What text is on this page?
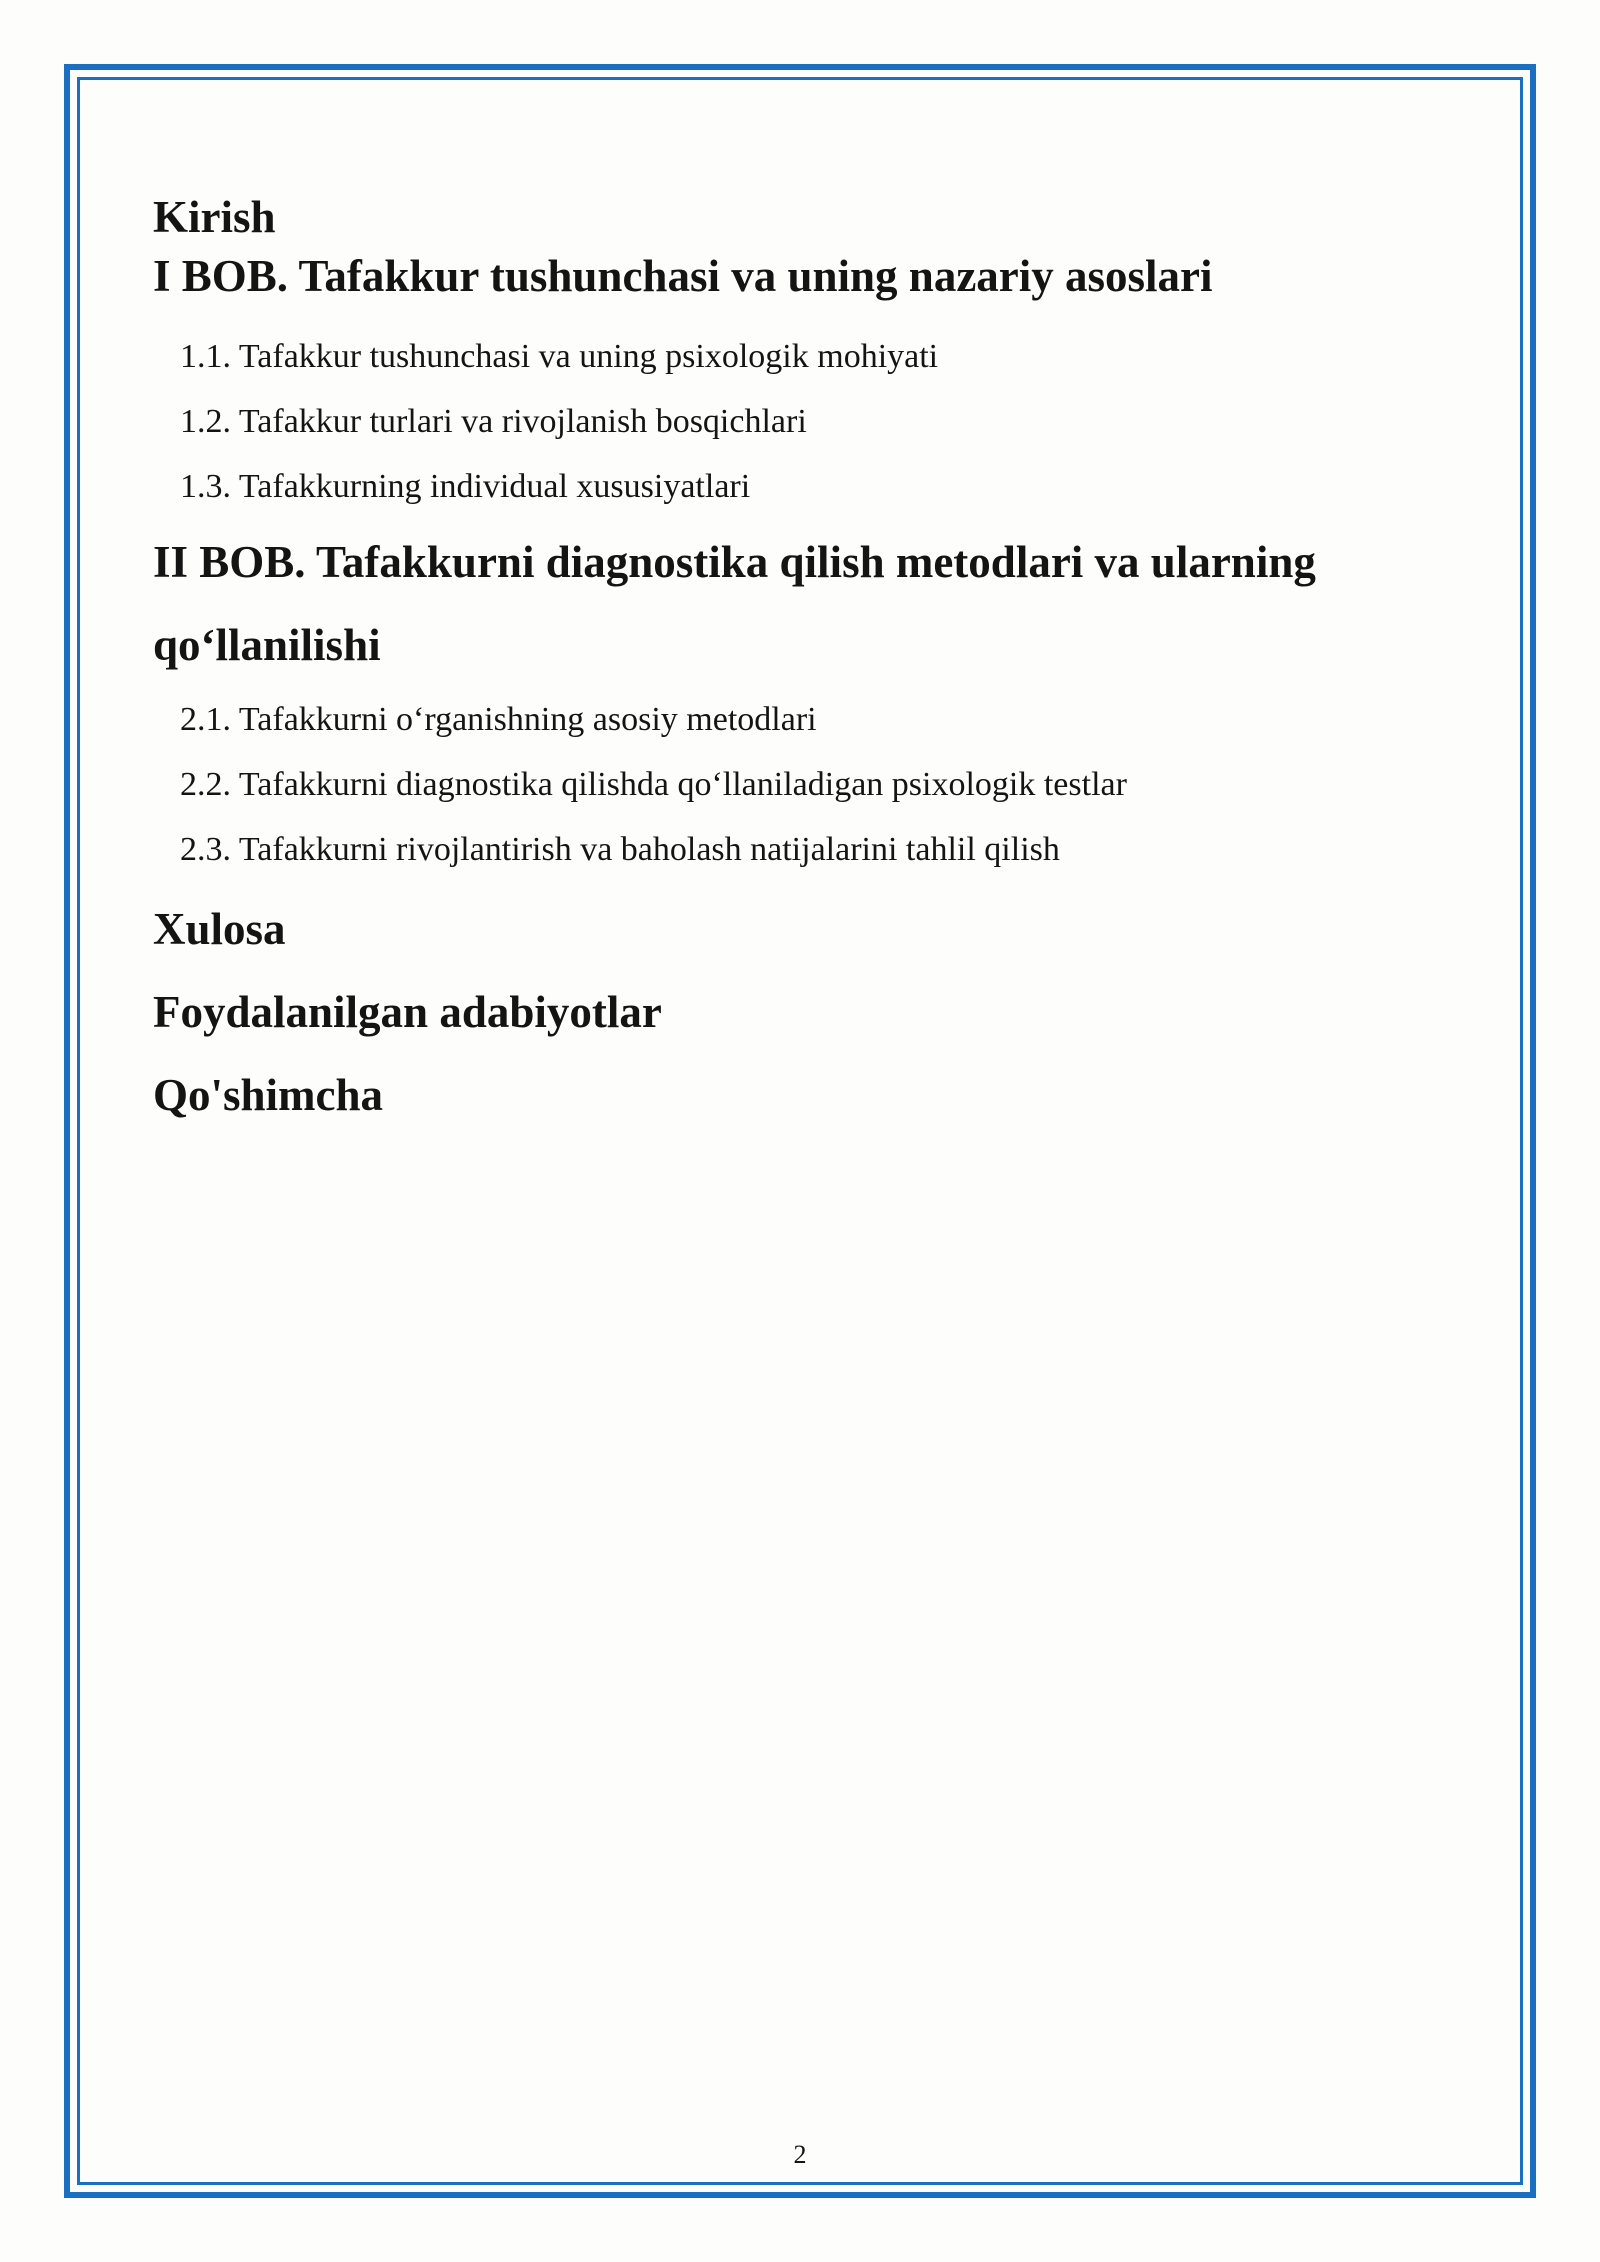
Kirish

I BOB. Tafakkur tushunchasi va uning nazariy asoslari

1.1. Tafakkur tushunchasi va uning psixologik mohiyati

1.2. Tafakkur turlari va rivojlanish bosqichlari

1.3. Tafakkurning individual xususiyatlari

II BOB. Tafakkurni diagnostika qilish metodlari va ularning qo‘llanilishi

2.1. Tafakkurni o‘rganishning asosiy metodlari

2.2. Tafakkurni diagnostika qilishda qo‘llaniladigan psixologik testlar

2.3. Tafakkurni rivojlantirish va baholash natijalarini tahlil qilish

Xulosa

Foydalanilgan adabiyotlar

Qo'shimcha

2
